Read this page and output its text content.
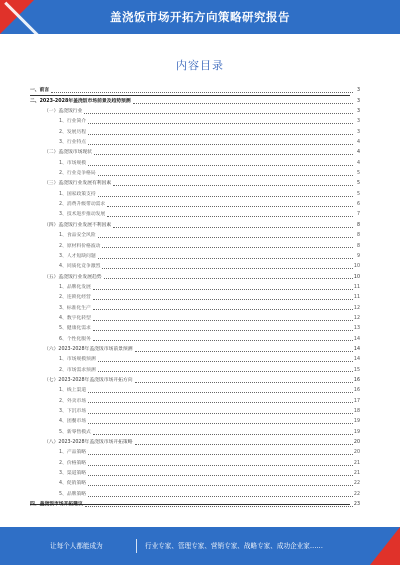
盖浇饭市场开拓方向策略研究报告
内容目录
一、前言	3
二、2023-2028年盖浇饭市场前景及趋势预测	3
（一）盖浇饭行业	3
1、行业简介	3
2、发展历程	3
3、行业特点	4
（二）盖浇饭市场现状	4
1、市场规模	4
2、行业竞争格局	5
（三）盖浇饭行业发展有利因素	5
1、国家政策支持	5
2、消费升级带动需求	6
3、技术进步推动发展	7
（四）盖浇饭行业发展不利因素	8
1、食品安全风险	8
2、原材料价格波动	8
3、人才短缺问题	9
4、同质化竞争激烈	10
（五）盖浇饭行业发展趋势	10
1、品牌化发展	11
2、连锁化经营	11
3、标准化生产	12
4、数字化转型	12
5、健康化需求	13
6、个性化服务	14
（六）2023-2028年盖浇饭市场前景预测	14
1、市场规模预测	14
2、市场需求预测	15
（七）2023-2028年盖浇饭市场开拓方向	16
1、线上渠道	16
2、外卖市场	17
3、下沉市场	18
4、团餐市场	19
5、新零售模式	19
（八）2023-2028年盖浇饭市场开拓策略	20
1、产品策略	20
2、价格策略	21
3、渠道策略	21
4、促销策略	22
5、品牌策略	22
四、盖浇饭市场开拓建议	23
让每个人都能成为	行业专家、管理专家、营销专家、战略专家、成功企业家……
